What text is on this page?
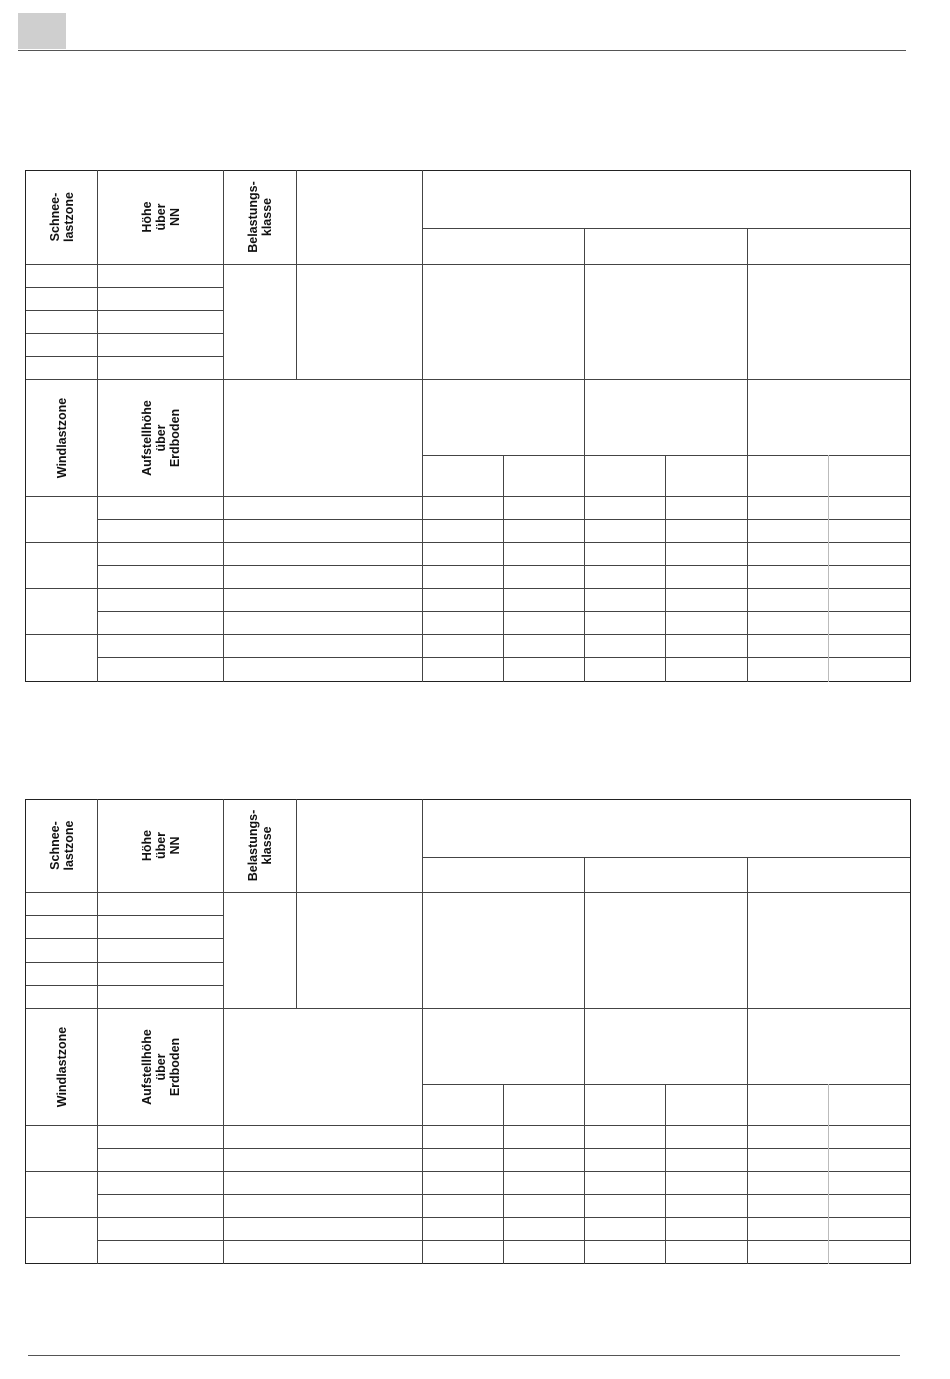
Schnee- lastzone	Höhe über NN	Belastungs- klasse
Windlastzone	Aufstellhöhe über Erdboden
Schnee- lastzone	Höhe über NN	Belastungs- klasse
Windlastzone	Aufstellhöhe über Erdboden
